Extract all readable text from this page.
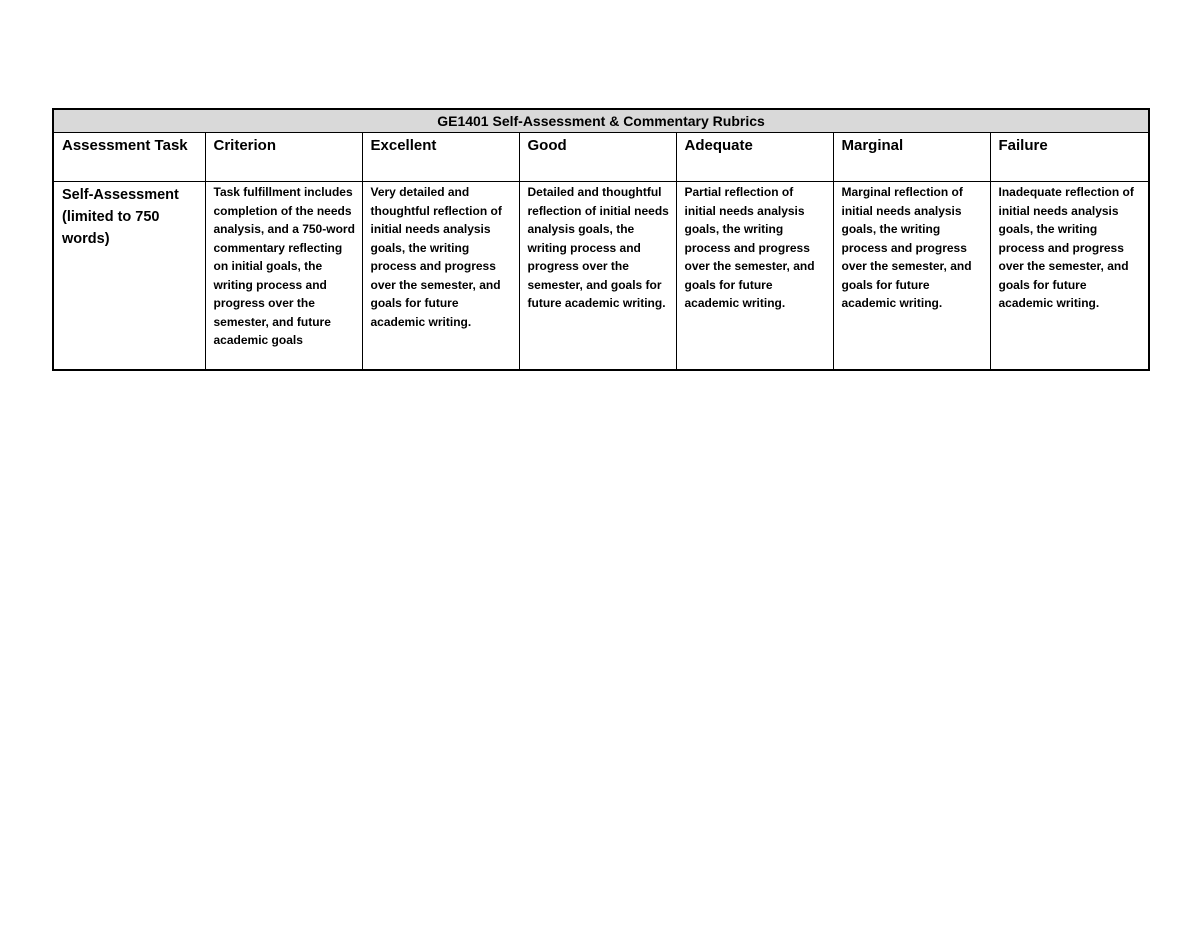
GE1401 Self-Assessment & Commentary Rubrics						

Assessment Task	Criterion	Excellent	Good	Adequate	Marginal	Failure

Self-Assessment (limited to 750 words)	Task fulfillment includes completion of the needs analysis, and a 750-word commentary reflecting on initial goals, the writing process and progress over the semester, and future academic goals	Very detailed and thoughtful reflection of initial needs analysis goals, the writing process and progress over the semester, and goals for future academic writing.	Detailed and thoughtful reflection of initial needs analysis goals, the writing process and progress over the semester, and goals for future academic writing.	Partial reflection of initial needs analysis goals, the writing process and progress over the semester, and goals for future academic writing.	Marginal reflection of initial needs analysis goals, the writing process and progress over the semester, and goals for future academic writing.	Inadequate reflection of initial needs analysis goals, the writing process and progress over the semester, and goals for future academic writing.
